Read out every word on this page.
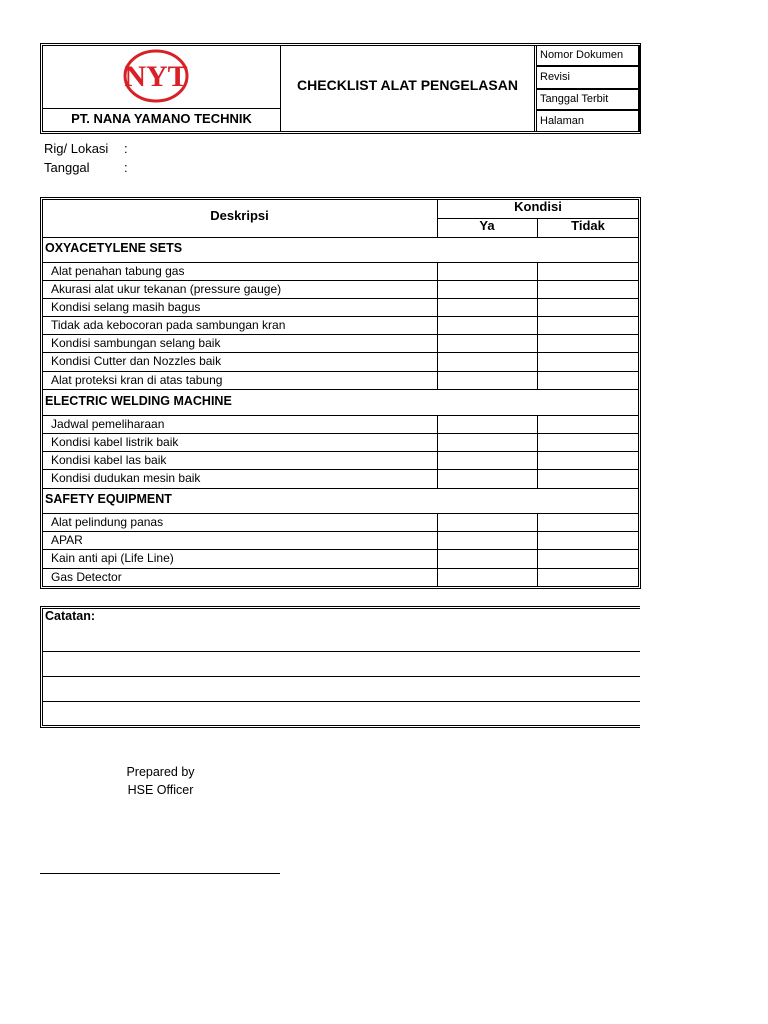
NYT
PT. NANA YAMANO TECHNIK
CHECKLIST ALAT PENGELASAN
Nomor Dokumen
Revisi
Tanggal Terbit
Halaman
Rig/ Lokasi :
Tanggal	:
Deskripsi
Kondisi
Ya	Tidak
OXYACETYLENE SETS
Alat penahan tabung gas
Akurasi alat ukur tekanan (pressure gauge)
Kondisi selang masih bagus
Tidak ada kebocoran pada sambungan kran
Kondisi sambungan selang baik
Kondisi Cutter dan Nozzles baik
Alat proteksi kran di atas tabung
ELECTRIC WELDING MACHINE
Jadwal pemeliharaan
Kondisi kabel listrik baik
Kondisi kabel las baik
Kondisi dudukan mesin baik
SAFETY EQUIPMENT
Alat pelindung panas
APAR
Kain anti api (Life Line)
Gas Detector
Catatan:
Prepared by
HSE Officer
